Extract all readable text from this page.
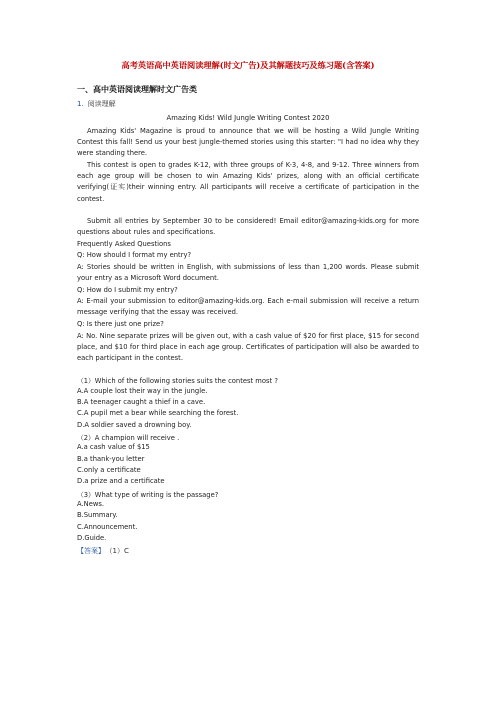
高考英语高中英语阅读理解(时文广告)及其解题技巧及练习题(含答案)
一、高中英语阅读理解时文广告类
1. 阅读理解
Amazing Kids! Wild Jungle Writing Contest 2020
Amazing Kids' Magazine is proud to announce that we will be hosting a Wild Jungle Writing Contest this fall! Send us your best jungle-themed stories using this starter: "I had no idea why they were standing there.
This contest is open to grades K-12, with three groups of K-3, 4-8, and 9-12. Three winners from each age group will be chosen to win Amazing Kids' prizes, along with an official certificate verifying(证实)their winning entry. All participants will receive a certificate of participation in the contest.
Submit all entries by September 30 to be considered! Email editor@amazing-kids.org for more questions about rules and specifications.
Frequently Asked Questions
Q: How should I format my entry?
A: Stories should be written in English, with submissions of less than 1,200 words. Please submit your entry as a Microsoft Word document.
Q: How do I submit my entry?
A: E-mail your submission to editor@amazing-kids.org. Each e-mail submission will receive a return message verifying that the essay was received.
Q: Is there just one prize?
A: No. Nine separate prizes will be given out, with a cash value of $20 for first place, $15 for second place, and $10 for third place in each age group. Certificates of participation will also be awarded to each participant in the contest.
（1）Which of the following stories suits the contest most ?
A.A couple lost their way in the jungle.
B.A teenager caught a thief in a cave.
C.A pupil met a bear while searching the forest.
D.A soldier saved a drowning boy.
（2）A champion will receive .
A.a cash value of $15
B.a thank-you letter
C.only a certificate
D.a prize and a certificate
（3）What type of writing is the passage?
A.News.
B.Summary.
C.Announcement.
D.Guide.
【答案】 （1）C
